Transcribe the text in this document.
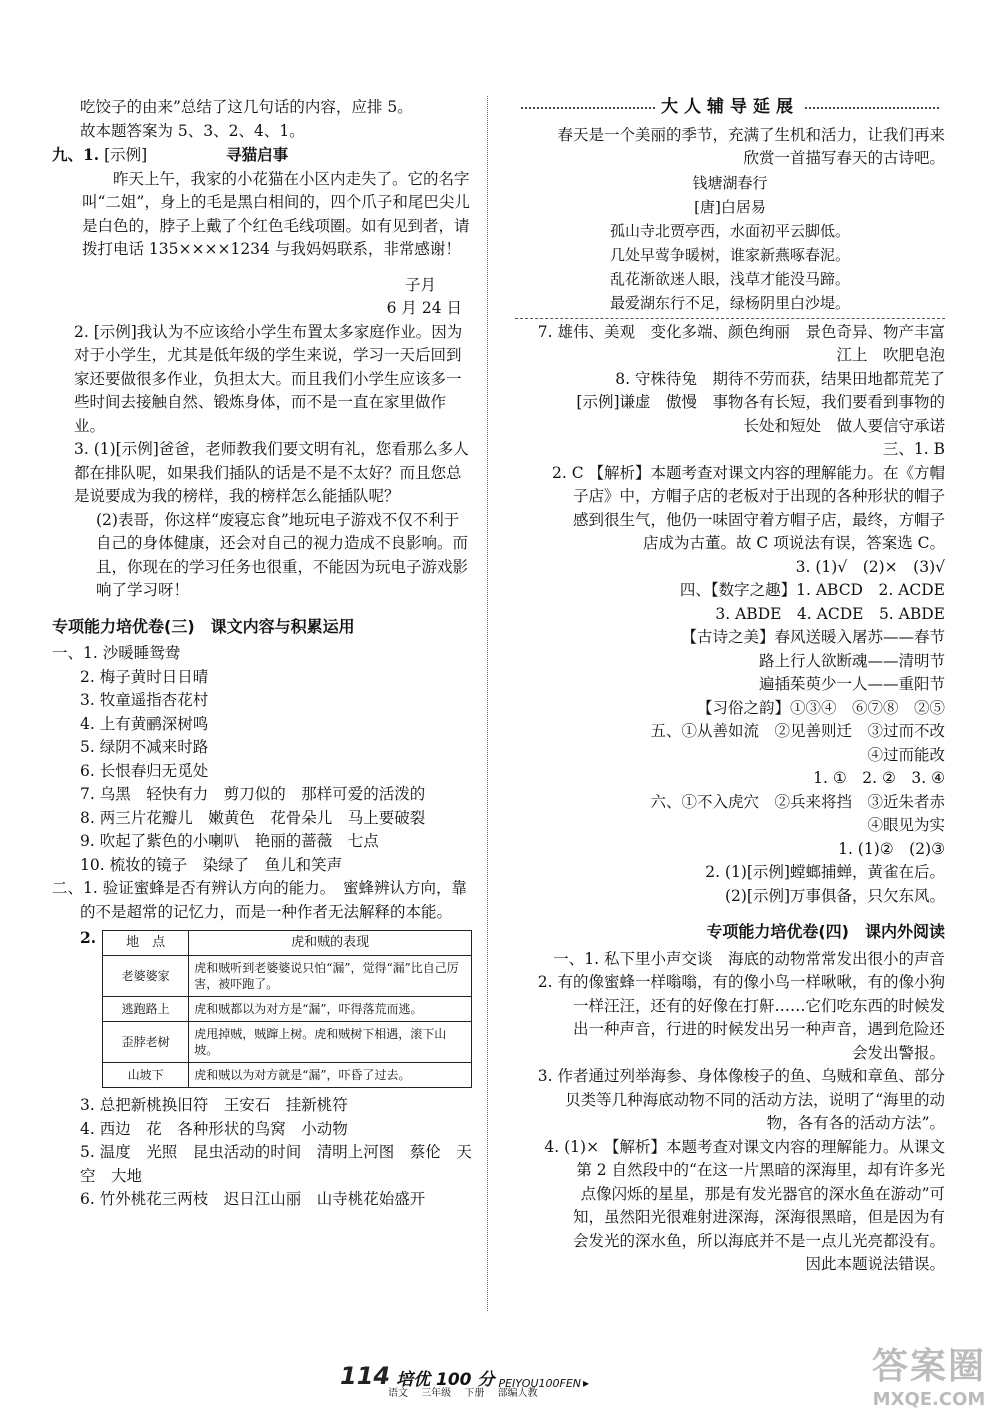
吃饺子的由来”总结了这几句话的内容，应排 5。

故本题答案为 5、3、2、4、1。

九、1. [示例]	寻猫启事

昨天上午，我家的小花猫在小区内走失了。它的名字叫“二姐”，身上的毛是黑白相间的，四个爪子和尾巴尖儿是白色的，脖子上戴了个红色毛线项圈。如有见到者，请拨打电话 135××××1234 与我妈妈联系，非常感谢！

子月

6 月 24 日

2. [示例]我认为不应该给小学生布置太多家庭作业。因为对于小学生，尤其是低年级的学生来说，学习一天后回到家还要做很多作业，负担太大。而且我们小学生应该多一些时间去接触自然、锻炼身体，而不是一直在家里做作业。

3. (1)[示例]爸爸，老师教我们要文明有礼，您看那么多人都在排队呢，如果我们插队的话是不是不太好？而且您总是说要成为我的榜样，我的榜样怎么能插队呢？

(2)表哥，你这样“废寝忘食”地玩电子游戏不仅不利于自己的身体健康，还会对自己的视力造成不良影响。而且，你现在的学习任务也很重，不能因为玩电子游戏影响了学习呀！

专项能力培优卷(三)　课文内容与积累运用

一、1. 沙暖睡鸳鸯

2. 梅子黄时日日晴

3. 牧童遥指杏花村

4. 上有黄鹂深树鸣

5. 绿阴不减来时路

6. 长恨春归无觅处

7. 乌黑　轻快有力　剪刀似的　那样可爱的活泼的

8. 两三片花瓣儿　嫩黄色　花骨朵儿　马上要破裂

9. 吹起了紫色的小喇叭　艳丽的蔷薇　七点

10. 梳妆的镜子　染绿了　鱼儿和笑声

二、1. 验证蜜蜂是否有辨认方向的能力。　蜜蜂辨认方向，靠的不是超常的记忆力，而是一种作者无法解释的本能。

2. 地　点	虎和贼的表现
老婆婆家	虎和贼听到老婆婆说只怕“漏”，觉得“漏”比自己厉害，被吓跑了。
逃跑路上	虎和贼都以为对方是“漏”，吓得落荒而逃。
歪脖老树	虎甩掉贼，贼蹿上树。虎和贼树下相遇，滚下山坡。
山坡下	虎和贼以为对方就是“漏”，吓昏了过去。

3. 总把新桃换旧符　王安石　挂新桃符

4. 西边　花　各种形状的鸟窝　小动物

5. 温度　光照　昆虫活动的时间　清明上河图　蔡伦　天空　大地

6. 竹外桃花三两枝　迟日江山丽　山寺桃花始盛开

大人辅导延展

春天是一个美丽的季节，充满了生机和活力，让我们再来欣赏一首描写春天的古诗吧。

钱塘湖春行

[唐]白居易

孤山寺北贾亭西，水面初平云脚低。

几处早莺争暖树，谁家新燕啄春泥。

乱花渐欲迷人眼，浅草才能没马蹄。

最爱湖东行不足，绿杨阴里白沙堤。

7. 雄伟、美观　变化多端、颜色绚丽　景色奇异、物产丰富　江上　吹肥皂泡

8. 守株待兔　期待不劳而获，结果田地都荒芜了

[示例]谦虚　傲慢　事物各有长短，我们要看到事物的长处和短处　做人要信守承诺

三、1. B

2. C 【解析】本题考查对课文内容的理解能力。在《方帽子店》中，方帽子店的老板对于出现的各种形状的帽子感到很生气，他仍一味固守着方帽子店，最终，方帽子店成为古董。故 C 项说法有误，答案选 C。

3. (1)√　(2)×　(3)√

四、【数字之趣】1. ABCD　2. ACDE

3. ABDE　4. ACDE　5. ABDE

【古诗之美】春风送暖入屠苏——春节

路上行人欲断魂——清明节

遍插茱萸少一人——重阳节

【习俗之韵】①③④　⑥⑦⑧　②⑤

五、①从善如流　②见善则迁　③过而不改

④过而能改

1. ①　2. ②　3. ④

六、①不入虎穴　②兵来将挡　③近朱者赤

④眼见为实

1. (1)②　(2)③

2. (1)[示例]螳螂捕蝉，黄雀在后。

(2)[示例]万事俱备，只欠东风。

专项能力培优卷(四)　课内外阅读

一、1. 私下里小声交谈　海底的动物常常发出很小的声音

2. 有的像蜜蜂一样嗡嗡，有的像小鸟一样啾啾，有的像小狗一样汪汪，还有的好像在打鼾……它们吃东西的时候发出一种声音，行进的时候发出另一种声音，遇到危险还会发出警报。

3. 作者通过列举海参、身体像梭子的鱼、乌贼和章鱼、部分贝类等几种海底动物不同的活动方法，说明了“海里的动物，各有各的活动方法”。

4. (1)× 【解析】本题考查对课文内容的理解能力。从课文第 2 自然段中的“在这一片黑暗的深海里，却有许多光点像闪烁的星星，那是有发光器官的深水鱼在游动”可知，虽然阳光很难射进深海，深海很黑暗，但是因为有会发光的深水鱼，所以海底并不是一点儿光亮都没有。因此本题说法错误。

114 培优 100 分 PEIYOU100FEN ▸
语文 三年级 下册 部编人教
答案圈
MXQE.COM
